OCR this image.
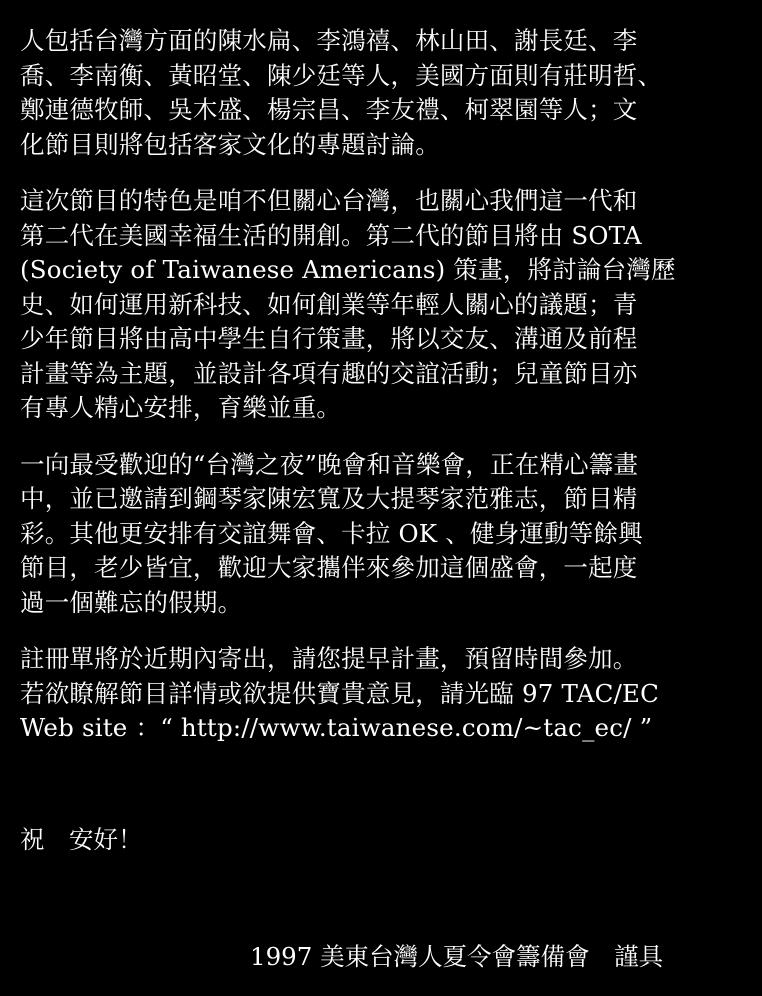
人包括台灣方面的陳水扁、李鴻禧、林山田、謝長廷、李
喬、李南衡、黃昭堂、陳少廷等人，美國方面則有莊明哲、
鄭連德牧師、吳木盛、楊宗昌、李友禮、柯翠園等人；文
化節目則將包括客家文化的專題討論。
這次節目的特色是咱不但關心台灣，也關心我們這一代和
第二代在美國幸福生活的開創。第二代的節目將由 SOTA
(Society of Taiwanese Americans) 策畫，將討論台灣歷
史、如何運用新科技、如何創業等年輕人關心的議題；青
少年節目將由高中學生自行策畫，將以交友、溝通及前程
計畫等為主題，並設計各項有趣的交誼活動；兒童節目亦
有專人精心安排，育樂並重。
一向最受歡迎的“台灣之夜”晚會和音樂會，正在精心籌畫
中，並已邀請到鋼琴家陳宏寬及大提琴家范雅志，節目精
彩。其他更安排有交誼舞會、卡拉 OK 、健身運動等餘興
節目，老少皆宜，歡迎大家攜伴來參加這個盛會，一起度
過一個難忘的假期。
註冊單將於近期內寄出，請您提早計畫，預留時間參加。
若欲瞭解節目詳情或欲提供寶貴意見，請光臨 97 TAC/EC
Web site ：“ http://www.taiwanese.com/~tac_ec/ ”
祝　安好！
1997 美東台灣人夏令會籌備會　謹具
